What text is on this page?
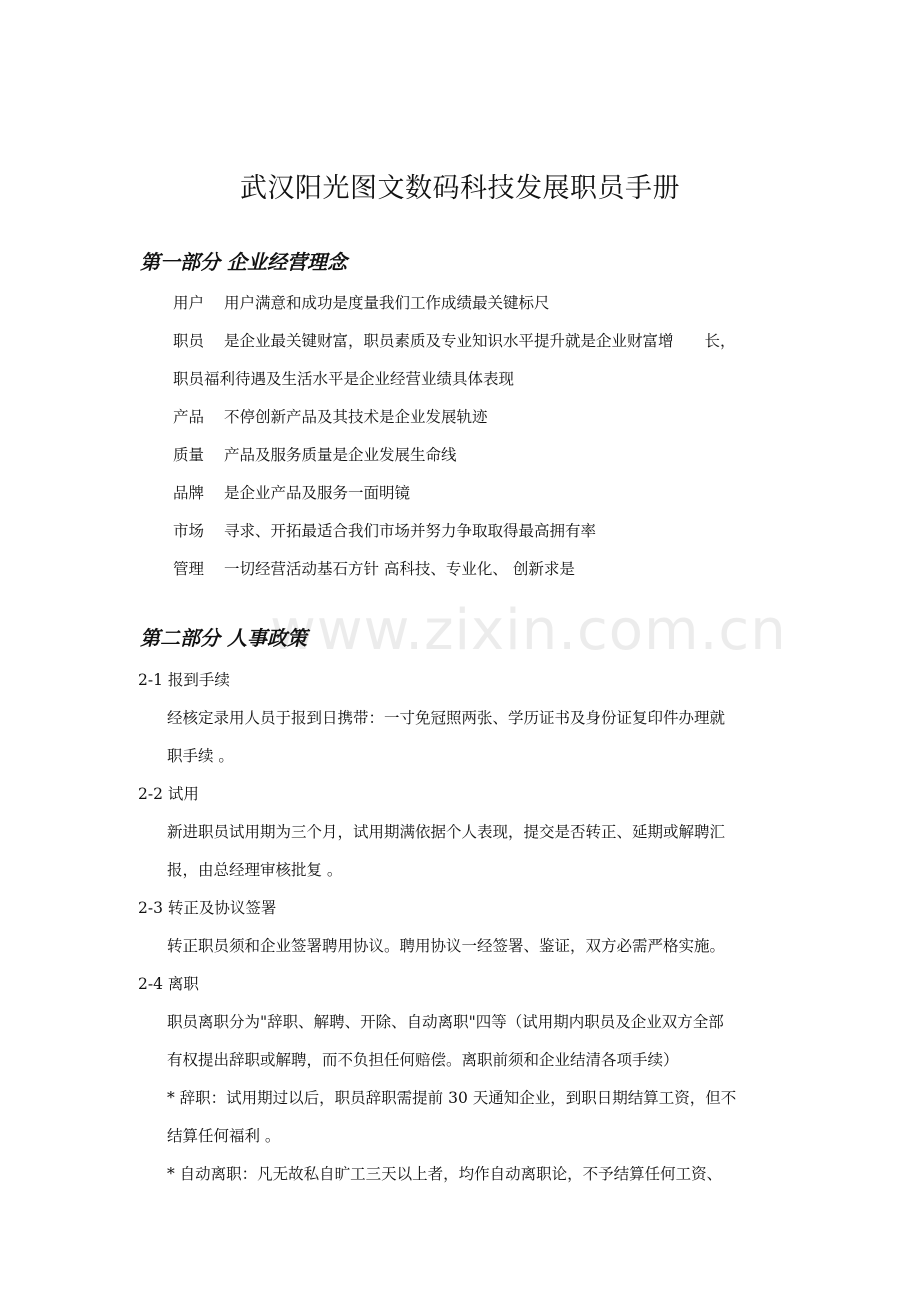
www.zixin.com.cn
武汉阳光图文数码科技发展职员手册
第一部分 企业经营理念
用户 用户满意和成功是度量我们工作成绩最关键标尺
职员 是企业最关键财富，职员素质及专业知识水平提升就是企业财富增　　长，
职员福利待遇及生活水平是企业经营业绩具体表现
产品 不停创新产品及其技术是企业发展轨迹
质量 产品及服务质量是企业发展生命线
品牌 是企业产品及服务一面明镜
市场 寻求、开拓最适合我们市场并努力争取取得最高拥有率
管理 一切经营活动基石方针 高科技、专业化、 创新求是
第二部分 人事政策
2-1 报到手续
经核定录用人员于报到日携带：一寸免冠照两张、学历证书及身份证复印件办理就
职手续 。
2-2 试用
新进职员试用期为三个月，试用期满依据个人表现，提交是否转正、延期或解聘汇
报，由总经理审核批复 。
2-3 转正及协议签署
转正职员须和企业签署聘用协议。聘用协议一经签署、鉴证，双方必需严格实施。
2-4 离职
职员离职分为"辞职、解聘、开除、自动离职"四等（试用期内职员及企业双方全部
有权提出辞职或解聘，而不负担任何赔偿。离职前须和企业结清各项手续）
* 辞职：试用期过以后，职员辞职需提前 30 天通知企业，到职日期结算工资，但不
结算任何福利 。
* 自动离职：凡无故私自旷工三天以上者，均作自动离职论，不予结算任何工资、
